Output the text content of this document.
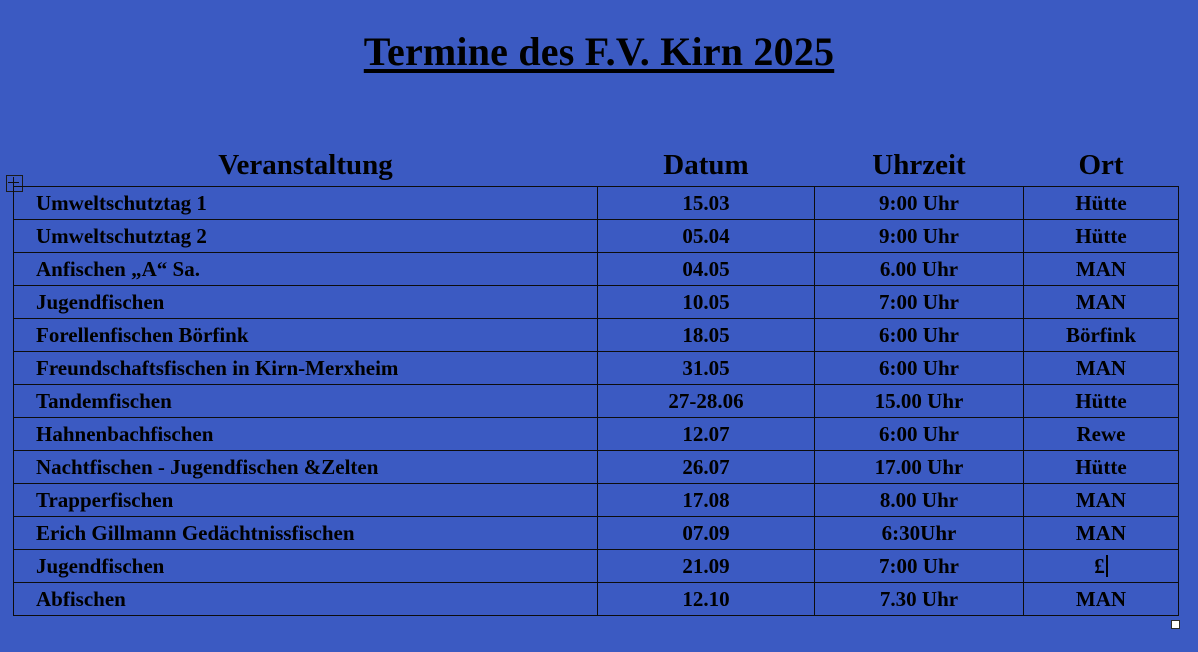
Termine des F.V. Kirn 2025
Veranstaltung	Datum	Uhrzeit	Ort
Umweltschutztag 1	15.03	9:00 Uhr	Hütte
Umweltschutztag 2	05.04	9:00 Uhr	Hütte
Anfischen „A“ Sa.	04.05	6.00 Uhr	MAN
Jugendfischen	10.05	7:00 Uhr	MAN
Forellenfischen Börfink	18.05	6:00 Uhr	Börfink
Freundschaftsfischen in Kirn-Merxheim	31.05	6:00 Uhr	MAN
Tandemfischen	27-28.06	15.00 Uhr	Hütte
Hahnenbachfischen	12.07	6:00 Uhr	Rewe
Nachtfischen - Jugendfischen &Zelten	26.07	17.00 Uhr	Hütte
Trapperfischen	17.08	8.00 Uhr	MAN
Erich Gillmann Gedächtnissfischen	07.09	6:30Uhr	MAN
Jugendfischen	21.09	7:00 Uhr	£
Abfischen	12.10	7.30 Uhr	MAN
